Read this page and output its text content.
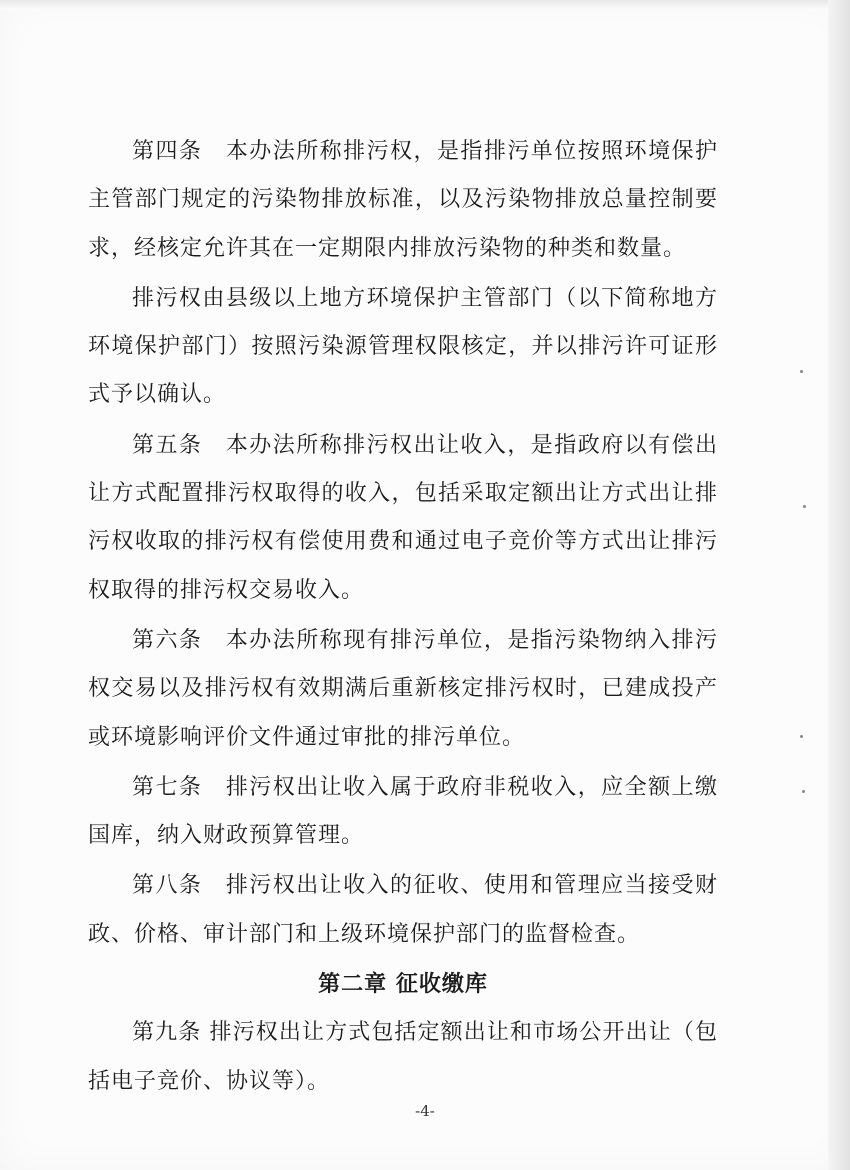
第四条　本办法所称排污权，是指排污单位按照环境保护主管部门规定的污染物排放标准，以及污染物排放总量控制要求，经核定允许其在一定期限内排放污染物的种类和数量。

排污权由县级以上地方环境保护主管部门（以下简称地方环境保护部门）按照污染源管理权限核定，并以排污许可证形式予以确认。

第五条　本办法所称排污权出让收入，是指政府以有偿出让方式配置排污权取得的收入，包括采取定额出让方式出让排污权收取的排污权有偿使用费和通过电子竞价等方式出让排污权取得的排污权交易收入。

第六条　本办法所称现有排污单位，是指污染物纳入排污权交易以及排污权有效期满后重新核定排污权时，已建成投产或环境影响评价文件通过审批的排污单位。

第七条　排污权出让收入属于政府非税收入，应全额上缴国库，纳入财政预算管理。

第八条　排污权出让收入的征收、使用和管理应当接受财政、价格、审计部门和上级环境保护部门的监督检查。

第二章 征收缴库

第九条 排污权出让方式包括定额出让和市场公开出让（包括电子竞价、协议等）。

-4-
